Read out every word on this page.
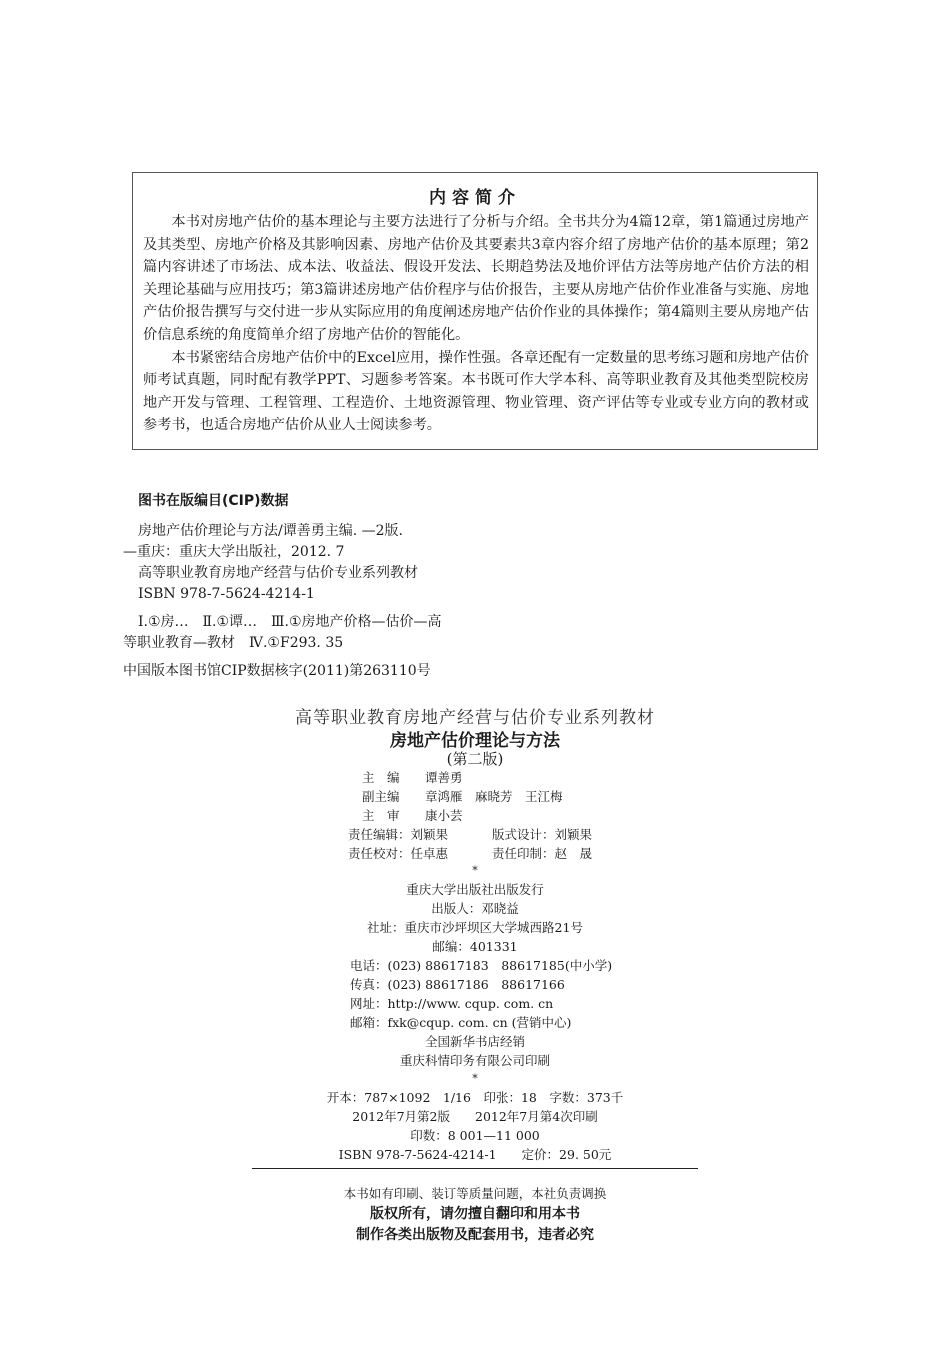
内容简介

本书对房地产估价的基本理论与主要方法进行了分析与介绍。全书共分为4篇12章，第1篇通过房地产及其类型、房地产价格及其影响因素、房地产估价及其要素共3章内容介绍了房地产估价的基本原理；第2篇内容讲述了市场法、成本法、收益法、假设开发法、长期趋势法及地价评估方法等房地产估价方法的相关理论基础与应用技巧；第3篇讲述房地产估价程序与估价报告，主要从房地产估价作业准备与实施、房地产估价报告撰写与交付进一步从实际应用的角度阐述房地产估价作业的具体操作；第4篇则主要从房地产估价信息系统的角度简单介绍了房地产估价的智能化。

本书紧密结合房地产估价中的Excel应用，操作性强。各章还配有一定数量的思考练习题和房地产估价师考试真题，同时配有教学PPT、习题参考答案。本书既可作大学本科、高等职业教育及其他类型院校房地产开发与管理、工程管理、工程造价、土地资源管理、物业管理、资产评估等专业或专业方向的教材或参考书，也适合房地产估价从业人士阅读参考。

图书在版编目(CIP)数据
房地产估价理论与方法/谭善勇主编. —2版.
—重庆：重庆大学出版社，2012. 7
高等职业教育房地产经营与估价专业系列教材
ISBN 978-7-5624-4214-1
Ⅰ.①房…　Ⅱ.①谭…　Ⅲ.①房地产价格—估价—高
等职业教育—教材　Ⅳ.①F293. 35
中国版本图书馆CIP数据核字(2011)第263110号
高等职业教育房地产经营与估价专业系列教材
房地产估价理论与方法
(第二版)
主　编 谭善勇
副主编 章鸿雁　麻晓芳　王江梅
主　审 康小芸
责任编辑：刘颖果	版式设计：刘颖果
责任校对：任卓惠	责任印制：赵　晟
*
重庆大学出版社出版发行
出版人：邓晓益
社址：重庆市沙坪坝区大学城西路21号
邮编：401331
电话：(023) 88617183　88617185(中小学)
传真：(023) 88617186　88617166
网址：http://www. cqup. com. cn
邮箱：fxk@cqup. com. cn (营销中心)
全国新华书店经销
重庆科情印务有限公司印刷
*
开本：787×1092　1/16　印张：18　字数：373千
2012年7月第2版　　2012年7月第4次印刷
印数：8 001—11 000
ISBN 978-7-5624-4214-1　　定价：29. 50元
本书如有印刷、装订等质量问题，本社负责调换
版权所有，请勿擅自翻印和用本书
制作各类出版物及配套用书，违者必究
